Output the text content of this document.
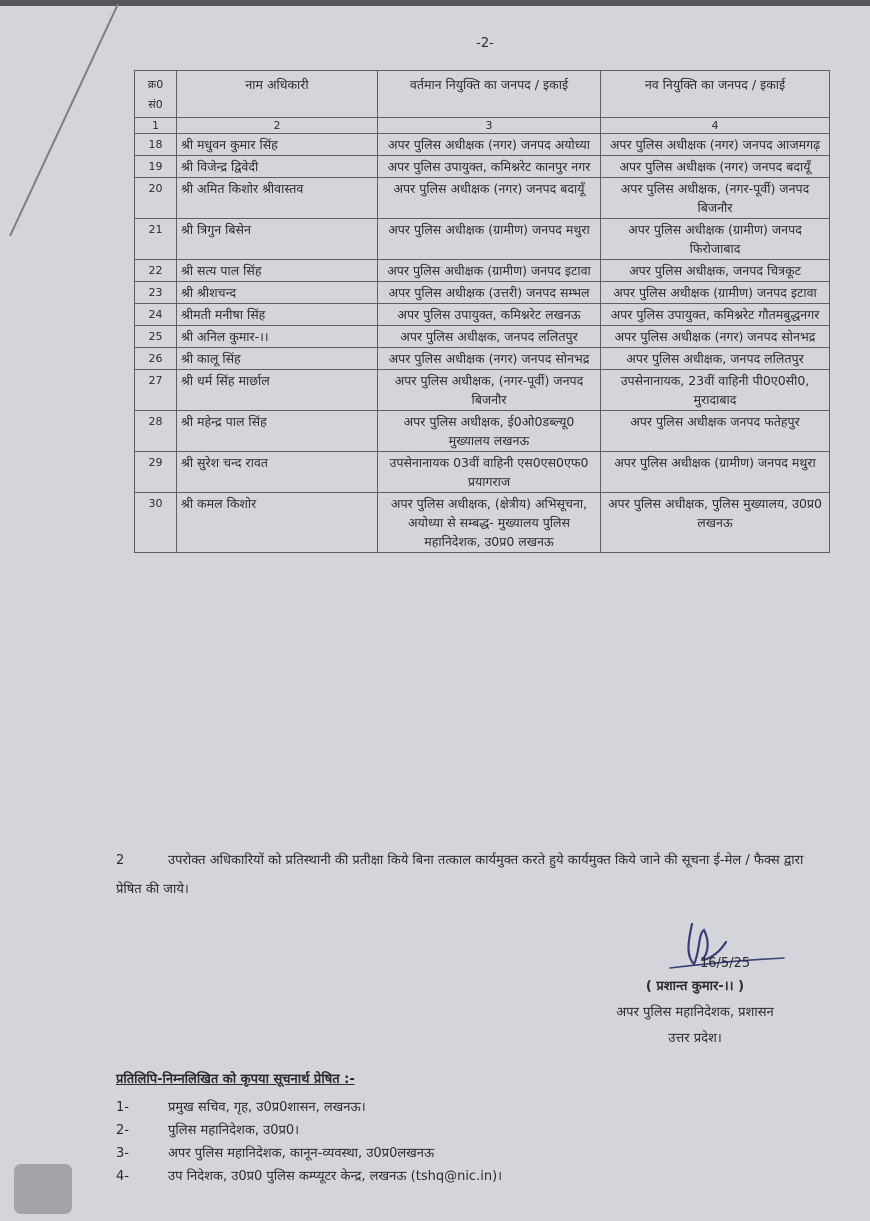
-2-
क्र0 सं0	नाम अधिकारी	वर्तमान नियुक्ति का जनपद / इकाई	नव नियुक्ति का जनपद / इकाई
1	2	3	4
18	श्री मधुवन कुमार सिंह	अपर पुलिस अधीक्षक (नगर) जनपद अयोध्या	अपर पुलिस अधीक्षक (नगर) जनपद आजमगढ़
19	श्री विजेन्द्र द्विवेदी	अपर पुलिस उपायुक्त, कमिश्नरेट कानपुर नगर	अपर पुलिस अधीक्षक (नगर) जनपद बदायूँ
20	श्री अमित किशोर श्रीवास्तव	अपर पुलिस अधीक्षक (नगर) जनपद बदायूँ	अपर पुलिस अधीक्षक, (नगर-पूर्वी) जनपद बिजनौर
21	श्री त्रिगुन बिसेन	अपर पुलिस अधीक्षक (ग्रामीण) जनपद मथुरा	अपर पुलिस अधीक्षक (ग्रामीण) जनपद फिरोजाबाद
22	श्री सत्य पाल सिंह	अपर पुलिस अधीक्षक (ग्रामीण) जनपद इटावा	अपर पुलिस अधीक्षक, जनपद चित्रकूट
23	श्री श्रीशचन्द	अपर पुलिस अधीक्षक (उत्तरी) जनपद सम्भल	अपर पुलिस अधीक्षक (ग्रामीण) जनपद इटावा
24	श्रीमती मनीषा सिंह	अपर पुलिस उपायुक्त, कमिश्नरेट लखनऊ	अपर पुलिस उपायुक्त, कमिश्नरेट गौतमबुद्धनगर
25	श्री अनिल कुमार-।।	अपर पुलिस अधीक्षक, जनपद ललितपुर	अपर पुलिस अधीक्षक (नगर) जनपद सोनभद्र
26	श्री कालू सिंह	अपर पुलिस अधीक्षक (नगर) जनपद सोनभद्र	अपर पुलिस अधीक्षक, जनपद ललितपुर
27	श्री धर्म सिंह मार्छाल	अपर पुलिस अधीक्षक, (नगर-पूर्वी) जनपद बिजनौर	उपसेनानायक, 23वीं वाहिनी पी0ए0सी0, मुरादाबाद
28	श्री महेन्द्र पाल सिंह	अपर पुलिस अधीक्षक, ई0ओ0डब्ल्यू0 मुख्यालय लखनऊ	अपर पुलिस अधीक्षक जनपद फतेहपुर
29	श्री सुरेश चन्द रावत	उपसेनानायक 03वीं वाहिनी एस0एस0एफ0 प्रयागराज	अपर पुलिस अधीक्षक (ग्रामीण) जनपद मथुरा
30	श्री कमल किशोर	अपर पुलिस अधीक्षक, (क्षेत्रीय) अभिसूचना, अयोध्या से सम्बद्ध- मुख्यालय पुलिस महानिदेशक, उ0प्र0 लखनऊ	अपर पुलिस अधीक्षक, पुलिस मुख्यालय, उ0प्र0 लखनऊ
2	उपरोक्त अधिकारियों को प्रतिस्थानी की प्रतीक्षा किये बिना तत्काल कार्यमुक्त करते हुये कार्यमुक्त किये जाने की सूचना ई-मेल / फैक्स द्वारा प्रेषित की जाये।
16/5/25
( प्रशान्त कुमार-।। )
अपर पुलिस महानिदेशक, प्रशासन
उत्तर प्रदेश।
प्रतिलिपि-निम्नलिखित को कृपया सूचनार्थ प्रेषित :-
1-	प्रमुख सचिव, गृह, उ0प्र0शासन, लखनऊ।
2-	पुलिस महानिदेशक, उ0प्र0।
3-	अपर पुलिस महानिदेशक, कानून-व्यवस्था, उ0प्र0लखनऊ
4-	उप निदेशक, उ0प्र0 पुलिस कम्प्यूटर केन्द्र, लखनऊ (tshq@nic.in)।
